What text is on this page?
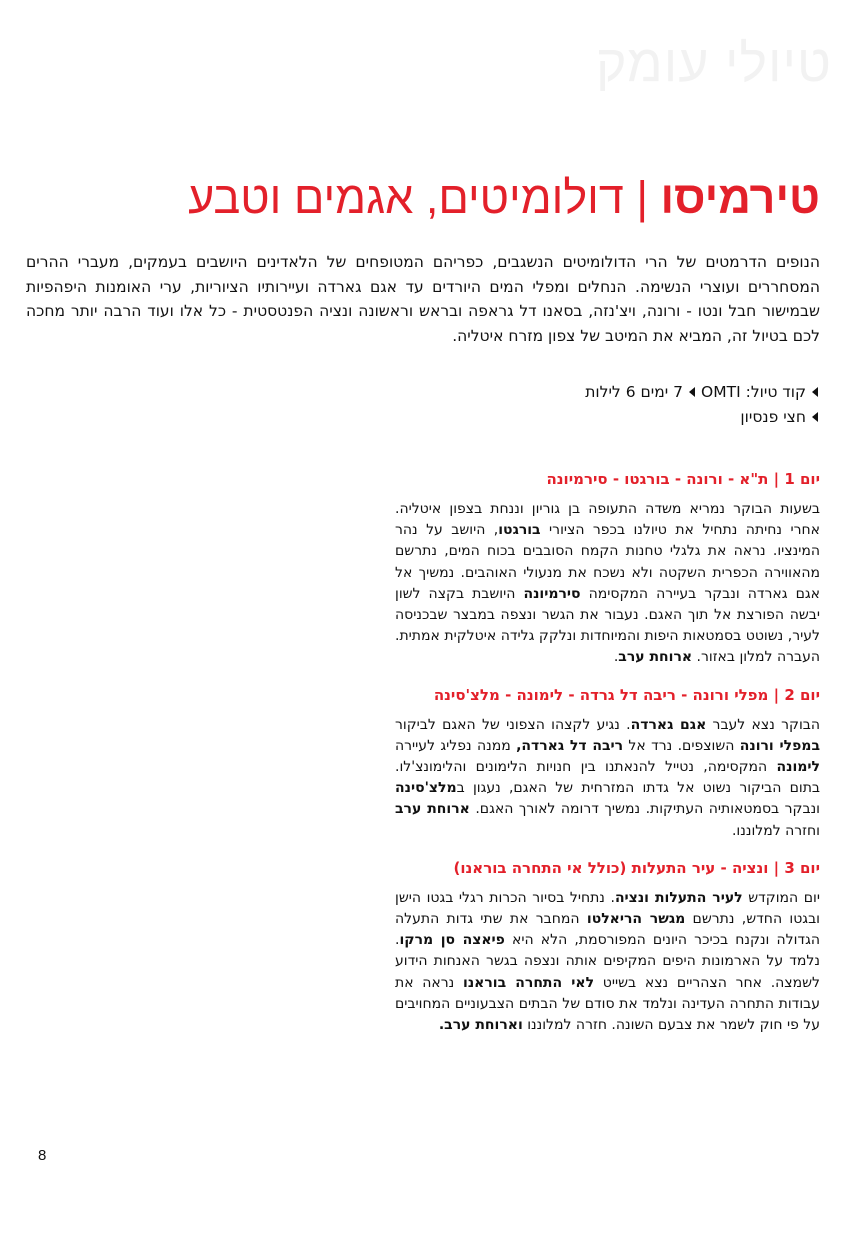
טיולי עומק
טירמיסו | דולומיטים, אגמים וטבע

הנופים הדרמטים של הרי הדולומיטים הנשגבים, כפריהם המטופחים של הלאדינים היושבים בעמקים, מעברי ההרים המסחררים ועוצרי הנשימה. הנחלים ומפלי המים היורדים עד אגם גארדה ועיירותיו הציוריות, ערי האומנות היפהפיות שבמישור חבל ונטו - ורונה, ויצ'נזה, בסאנו דל גראפה ובראש וראשונה ונציה הפנטסטית - כל אלו ועוד הרבה יותר מחכה לכם בטיול זה, המביא את המיטב של צפון מזרח איטליה.

קוד טיול:

OMTI
7 ימים 6 לילות
חצי פנסיון
יום 1 | ת"א - ורונה - בורגטו - סירמיונה

בשעות הבוקר נמריא משדה התעופה בן גוריון וננחת בצפון איטליה. אחרי נחיתה נתחיל את טיולנו בכפר הציורי בורגטו, היושב על נהר המינציו. נראה את גלגלי טחנות הקמח הסובבים בכוח המים, נתרשם מהאווירה הכפרית השקטה ולא נשכח את מנעולי האוהבים. נמשיך אל אגם גארדה ונבקר בעיירה המקסימה סירמיונה היושבת בקצה לשון יבשה הפורצת אל תוך האגם. נעבור את הגשר ונצפה במבצר שבכניסה לעיר, נשוטט בסמטאות היפות והמיוחדות ונלקק גלידה איטלקית אמתית. העברה למלון באזור. ארוחת ערב.

יום 2 | מפלי ורונה - ריבה דל גרדה - לימונה - מלצ'סינה

הבוקר נצא לעבר אגם גארדה. נגיע לקצהו הצפוני של האגם לביקור במפלי ורונה השוצפים. נרד אל ריבה דל גארדה, ממנה נפליג לעיירה לימונה המקסימה, נטייל להנאתנו בין חנויות הלימונים והלימונצ'לו. בתום הביקור נשוט אל גדתו המזרחית של האגם, נעגון במלצ'סינה ונבקר בסמטאותיה העתיקות. נמשיך דרומה לאורך האגם. ארוחת ערב וחזרה למלוננו.

יום 3 | ונציה - עיר התעלות (כולל אי התחרה בוראנו)

יום המוקדש לעיר התעלות ונציה. נתחיל בסיור הכרות רגלי בגטו הישן ובגטו החדש, נתרשם מגשר הריאלטו המחבר את שתי גדות התעלה הגדולה ונקנח בכיכר היונים המפורסמת, הלא היא פיאצה סן מרקו. נלמד על הארמונות היפים המקיפים אותה ונצפה בגשר האנחות הידוע לשמצה. אחר הצהריים נצא בשייט לאי התחרה בוראנו נראה את עבודות התחרה העדינה ונלמד את סודם של הבתים הצבעוניים המחויבים על פי חוק לשמר את צבעם השונה. חזרה למלוננו וארוחת ערב.

8
